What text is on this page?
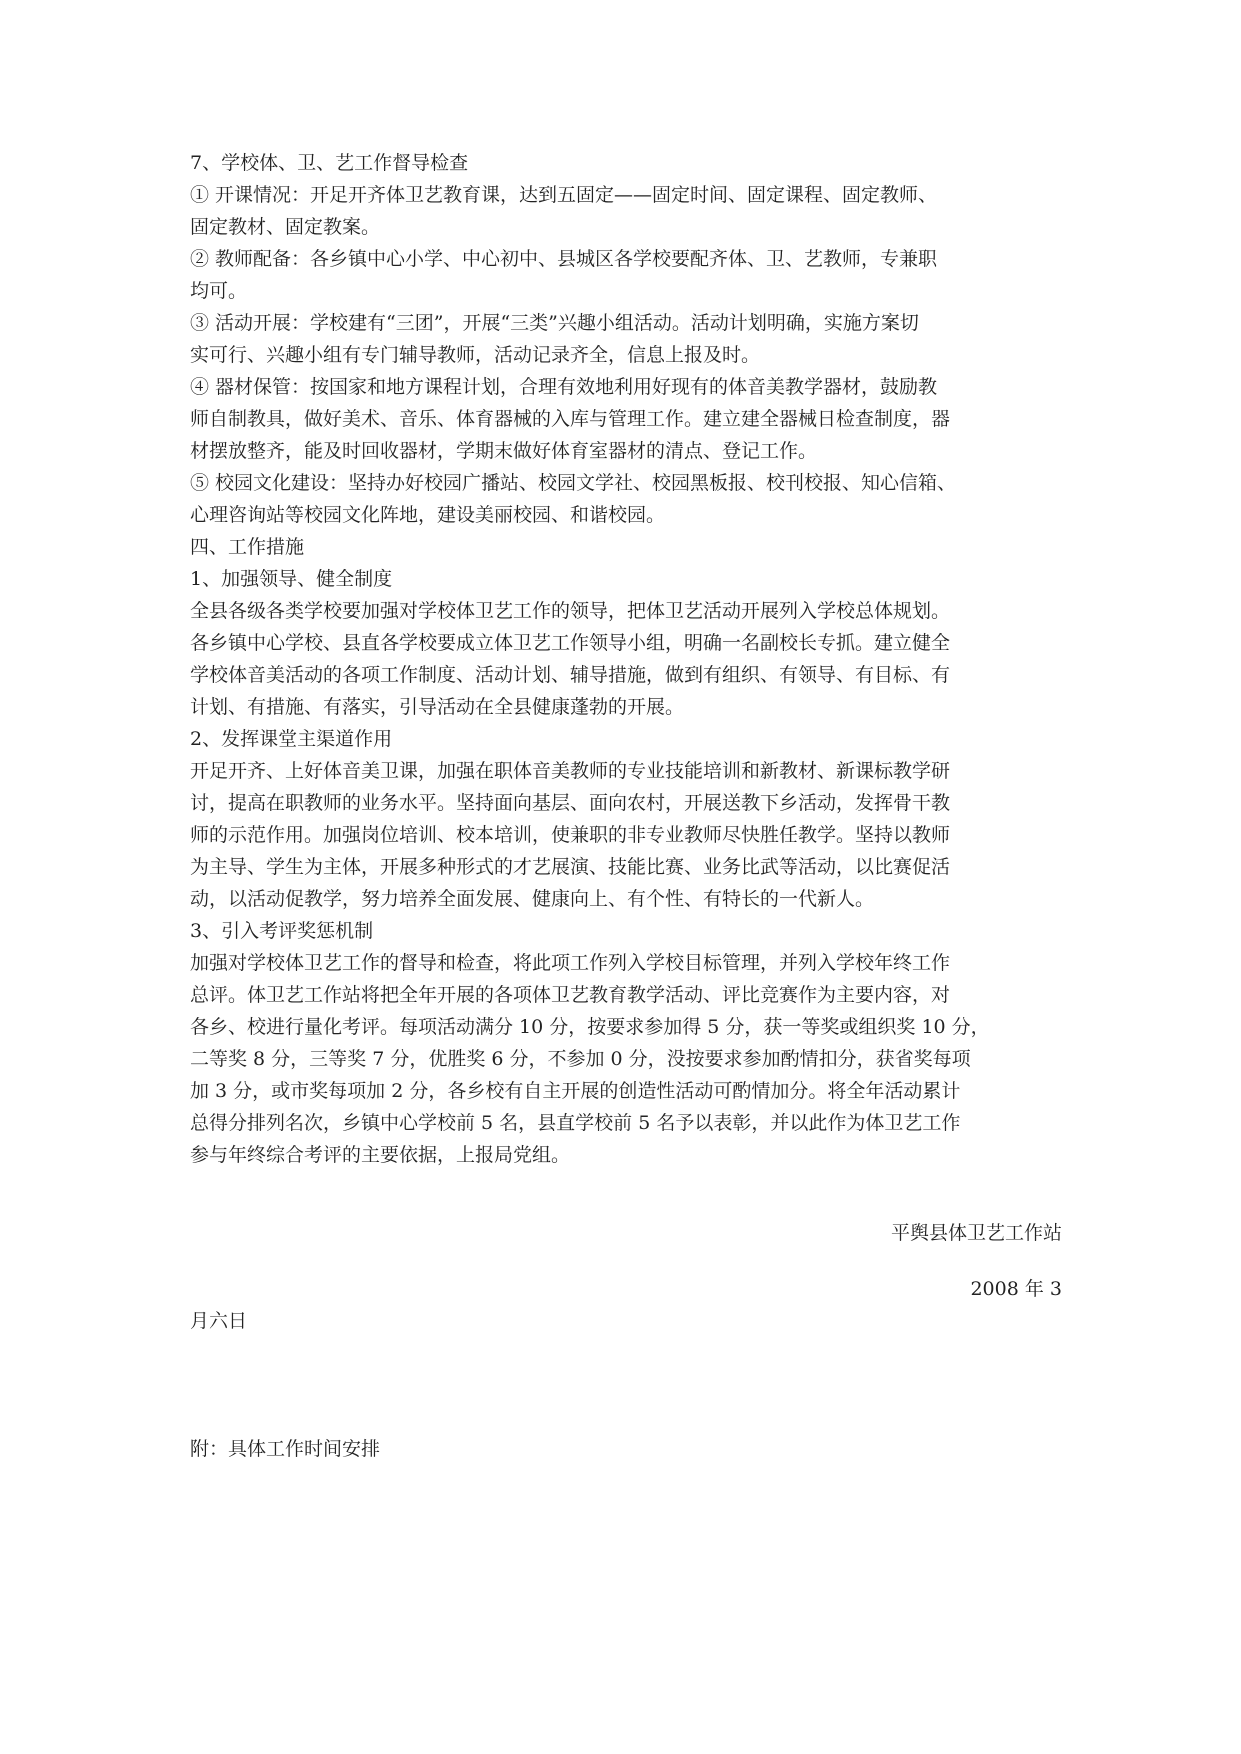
7、学校体、卫、艺工作督导检查

① 开课情况：开足开齐体卫艺教育课，达到五固定——固定时间、固定课程、固定教师、

固定教材、固定教案。

② 教师配备：各乡镇中心小学、中心初中、县城区各学校要配齐体、卫、艺教师，专兼职

均可。

③ 活动开展：学校建有“三团”，开展“三类”兴趣小组活动。活动计划明确，实施方案切

实可行、兴趣小组有专门辅导教师，活动记录齐全，信息上报及时。

④ 器材保管：按国家和地方课程计划，合理有效地利用好现有的体音美教学器材，鼓励教

师自制教具，做好美术、音乐、体育器械的入库与管理工作。建立建全器械日检查制度，器

材摆放整齐，能及时回收器材，学期末做好体育室器材的清点、登记工作。

⑤ 校园文化建设：坚持办好校园广播站、校园文学社、校园黑板报、校刊校报、知心信箱、

心理咨询站等校园文化阵地，建设美丽校园、和谐校园。

四、工作措施

1、加强领导、健全制度

全县各级各类学校要加强对学校体卫艺工作的领导，把体卫艺活动开展列入学校总体规划。

各乡镇中心学校、县直各学校要成立体卫艺工作领导小组，明确一名副校长专抓。建立健全

学校体音美活动的各项工作制度、活动计划、辅导措施，做到有组织、有领导、有目标、有

计划、有措施、有落实，引导活动在全县健康蓬勃的开展。

2、发挥课堂主渠道作用

开足开齐、上好体音美卫课，加强在职体音美教师的专业技能培训和新教材、新课标教学研

讨，提高在职教师的业务水平。坚持面向基层、面向农村，开展送教下乡活动，发挥骨干教

师的示范作用。加强岗位培训、校本培训，使兼职的非专业教师尽快胜任教学。坚持以教师

为主导、学生为主体，开展多种形式的才艺展演、技能比赛、业务比武等活动，以比赛促活

动，以活动促教学，努力培养全面发展、健康向上、有个性、有特长的一代新人。

3、引入考评奖惩机制

加强对学校体卫艺工作的督导和检查，将此项工作列入学校目标管理，并列入学校年终工作

总评。体卫艺工作站将把全年开展的各项体卫艺教育教学活动、评比竞赛作为主要内容，对

各乡、校进行量化考评。每项活动满分 10 分，按要求参加得 5 分，获一等奖或组织奖 10 分，

二等奖 8 分，三等奖 7 分，优胜奖 6 分，不参加 0 分，没按要求参加酌情扣分，获省奖每项

加 3 分，或市奖每项加 2 分，各乡校有自主开展的创造性活动可酌情加分。将全年活动累计

总得分排列名次，乡镇中心学校前 5 名，县直学校前 5 名予以表彰，并以此作为体卫艺工作

参与年终综合考评的主要依据，上报局党组。

平舆县体卫艺工作站

2008 年 3

月六日

附：具体工作时间安排
